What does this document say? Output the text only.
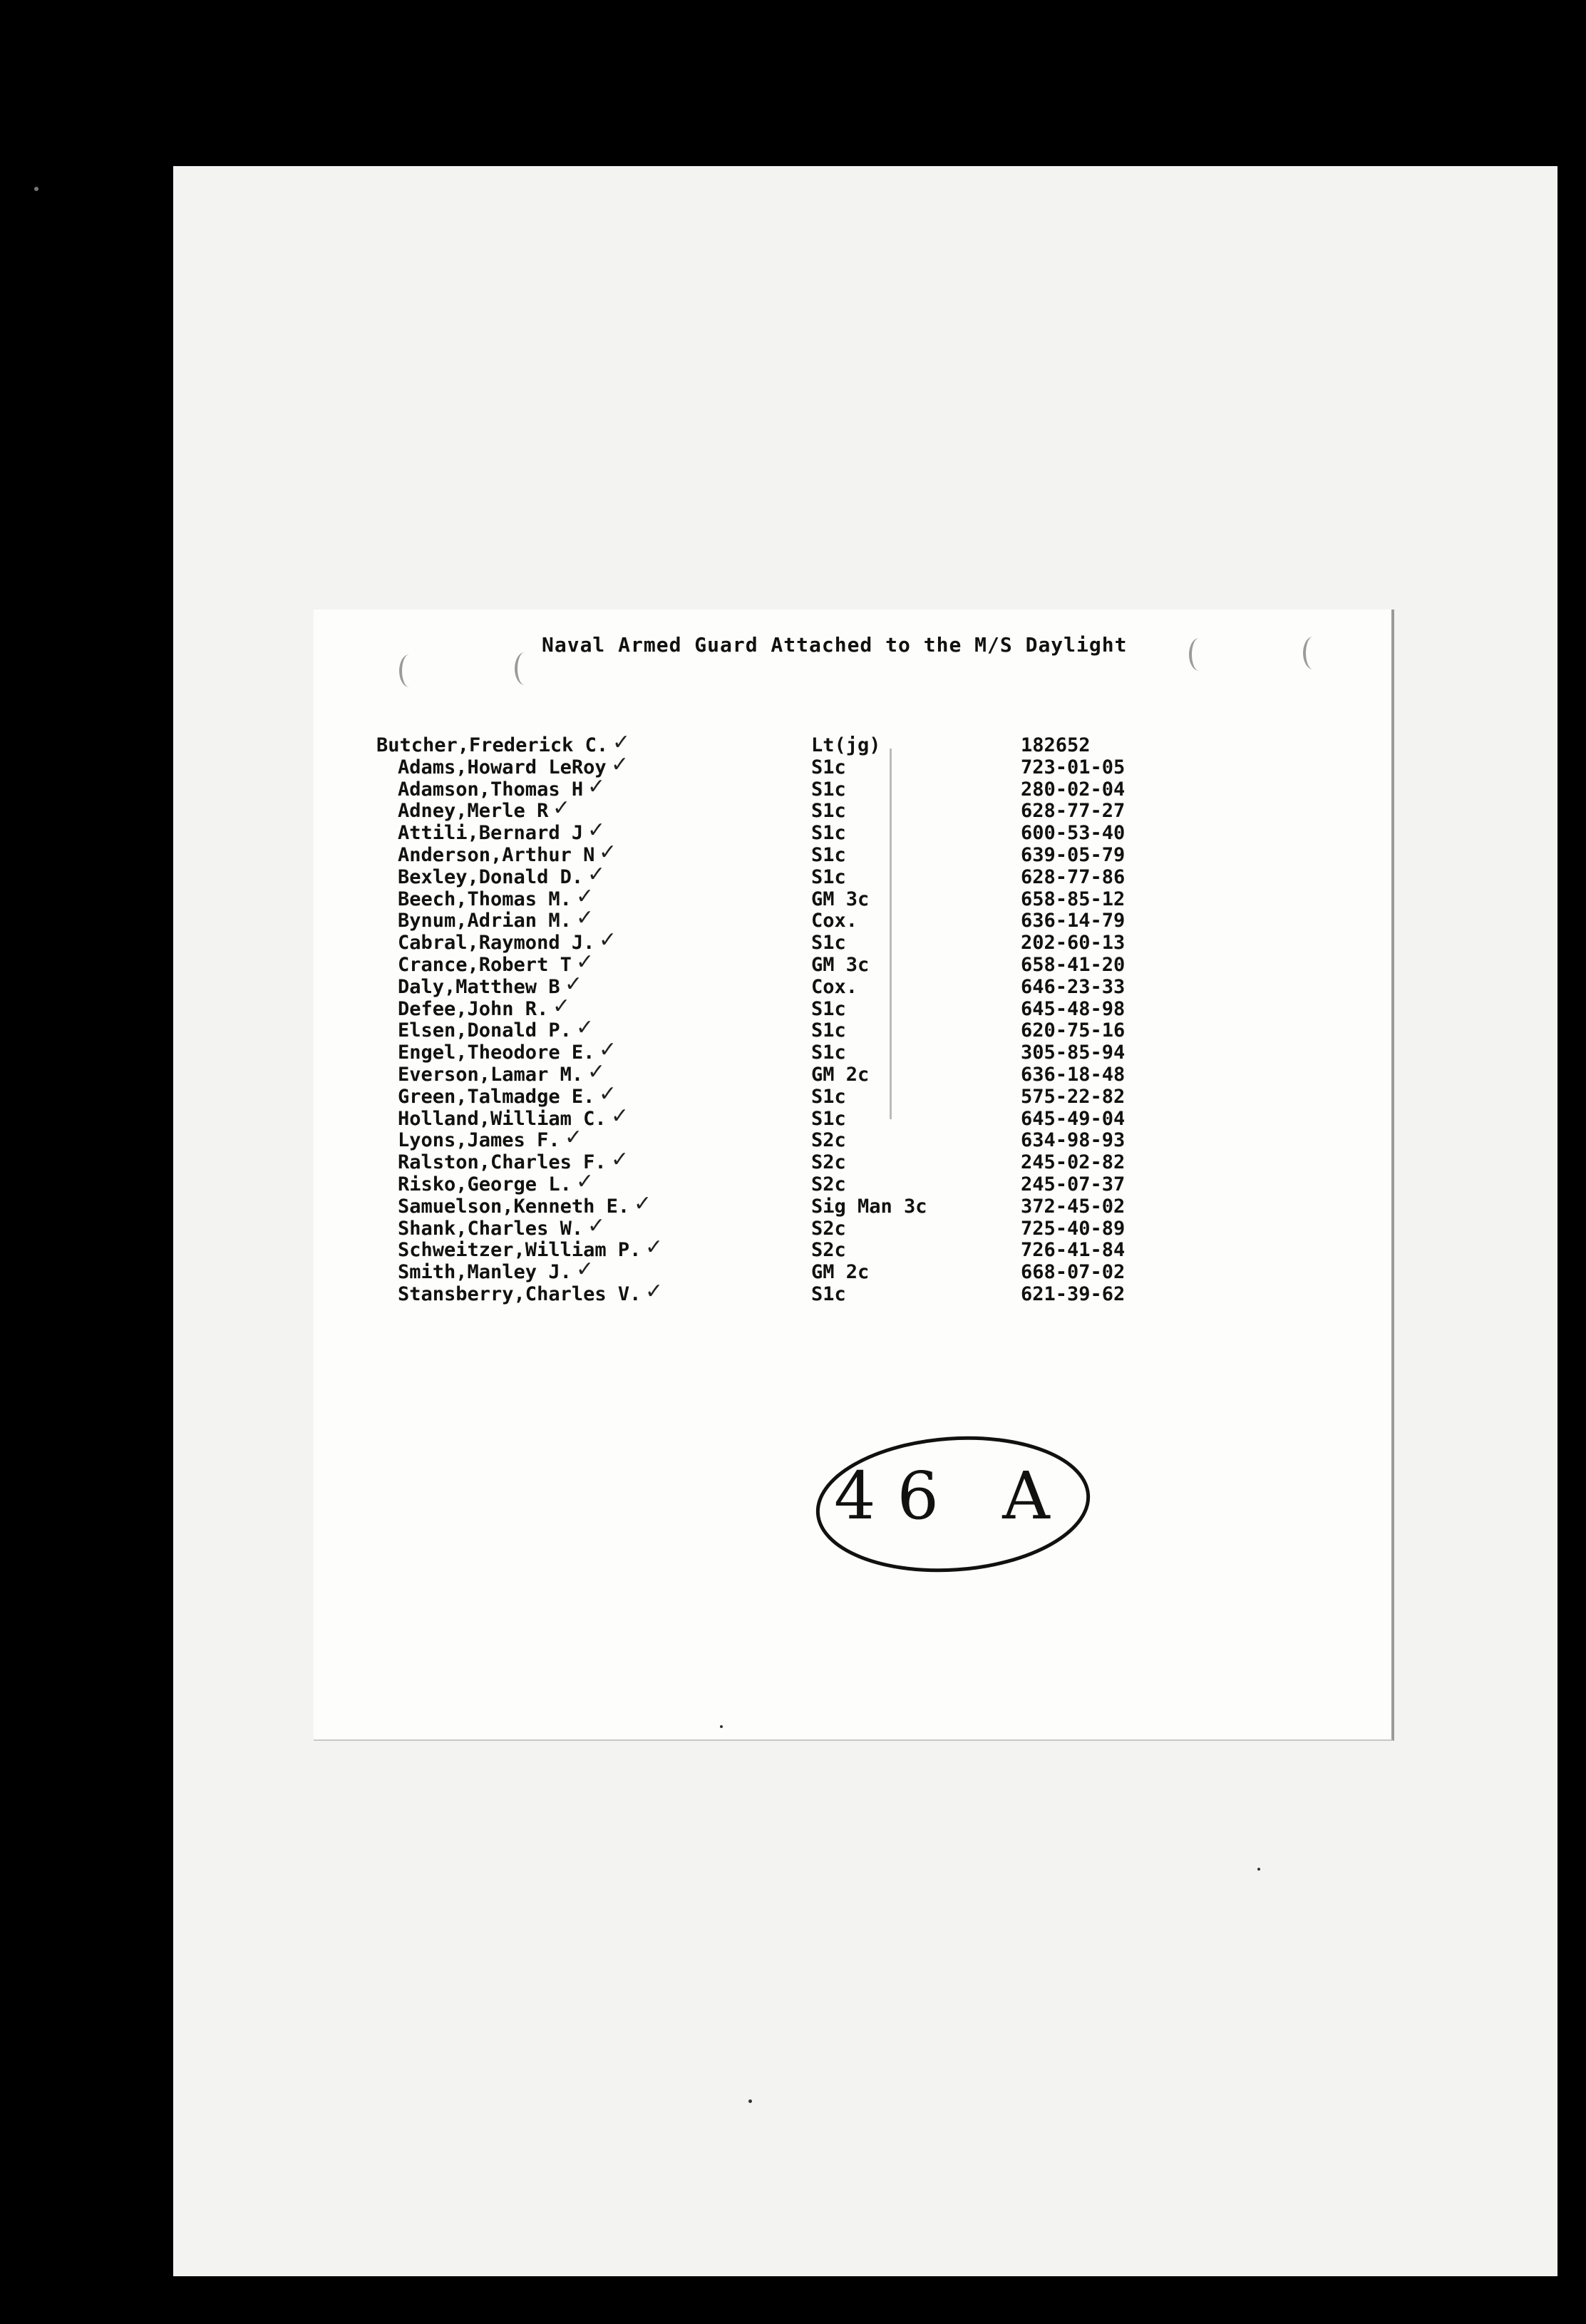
Naval Armed Guard Attached to the M/S Daylight
Butcher,Frederick C. ✓	Lt(jg)	182652
Adams,Howard LeRoy ✓	S1c	723-01-05
Adamson,Thomas H ✓	S1c	280-02-04
Adney,Merle R ✓	S1c	628-77-27
Attili,Bernard J ✓	S1c	600-53-40
Anderson,Arthur N ✓	S1c	639-05-79
Bexley,Donald D. ✓	S1c	628-77-86
Beech,Thomas M. ✓	GM 3c	658-85-12
Bynum,Adrian M. ✓	Cox.	636-14-79
Cabral,Raymond J. ✓	S1c	202-60-13
Crance,Robert T ✓	GM 3c	658-41-20
Daly,Matthew B ✓	Cox.	646-23-33
Defee,John R. ✓	S1c	645-48-98
Elsen,Donald P. ✓	S1c	620-75-16
Engel,Theodore E. ✓	S1c	305-85-94
Everson,Lamar M. ✓	GM 2c	636-18-48
Green,Talmadge E. ✓	S1c	575-22-82
Holland,William C. ✓	S1c	645-49-04
Lyons,James F. ✓	S2c	634-98-93
Ralston,Charles F. ✓	S2c	245-02-82
Risko,George L. ✓	S2c	245-07-37
Samuelson,Kenneth E. ✓	Sig Man 3c	372-45-02
Shank,Charles W. ✓	S2c	725-40-89
Schweitzer,William P. ✓	S2c	726-41-84
Smith,Manley J. ✓	GM 2c	668-07-02
Stansberry,Charles V. ✓	S1c	621-39-62
46 A
